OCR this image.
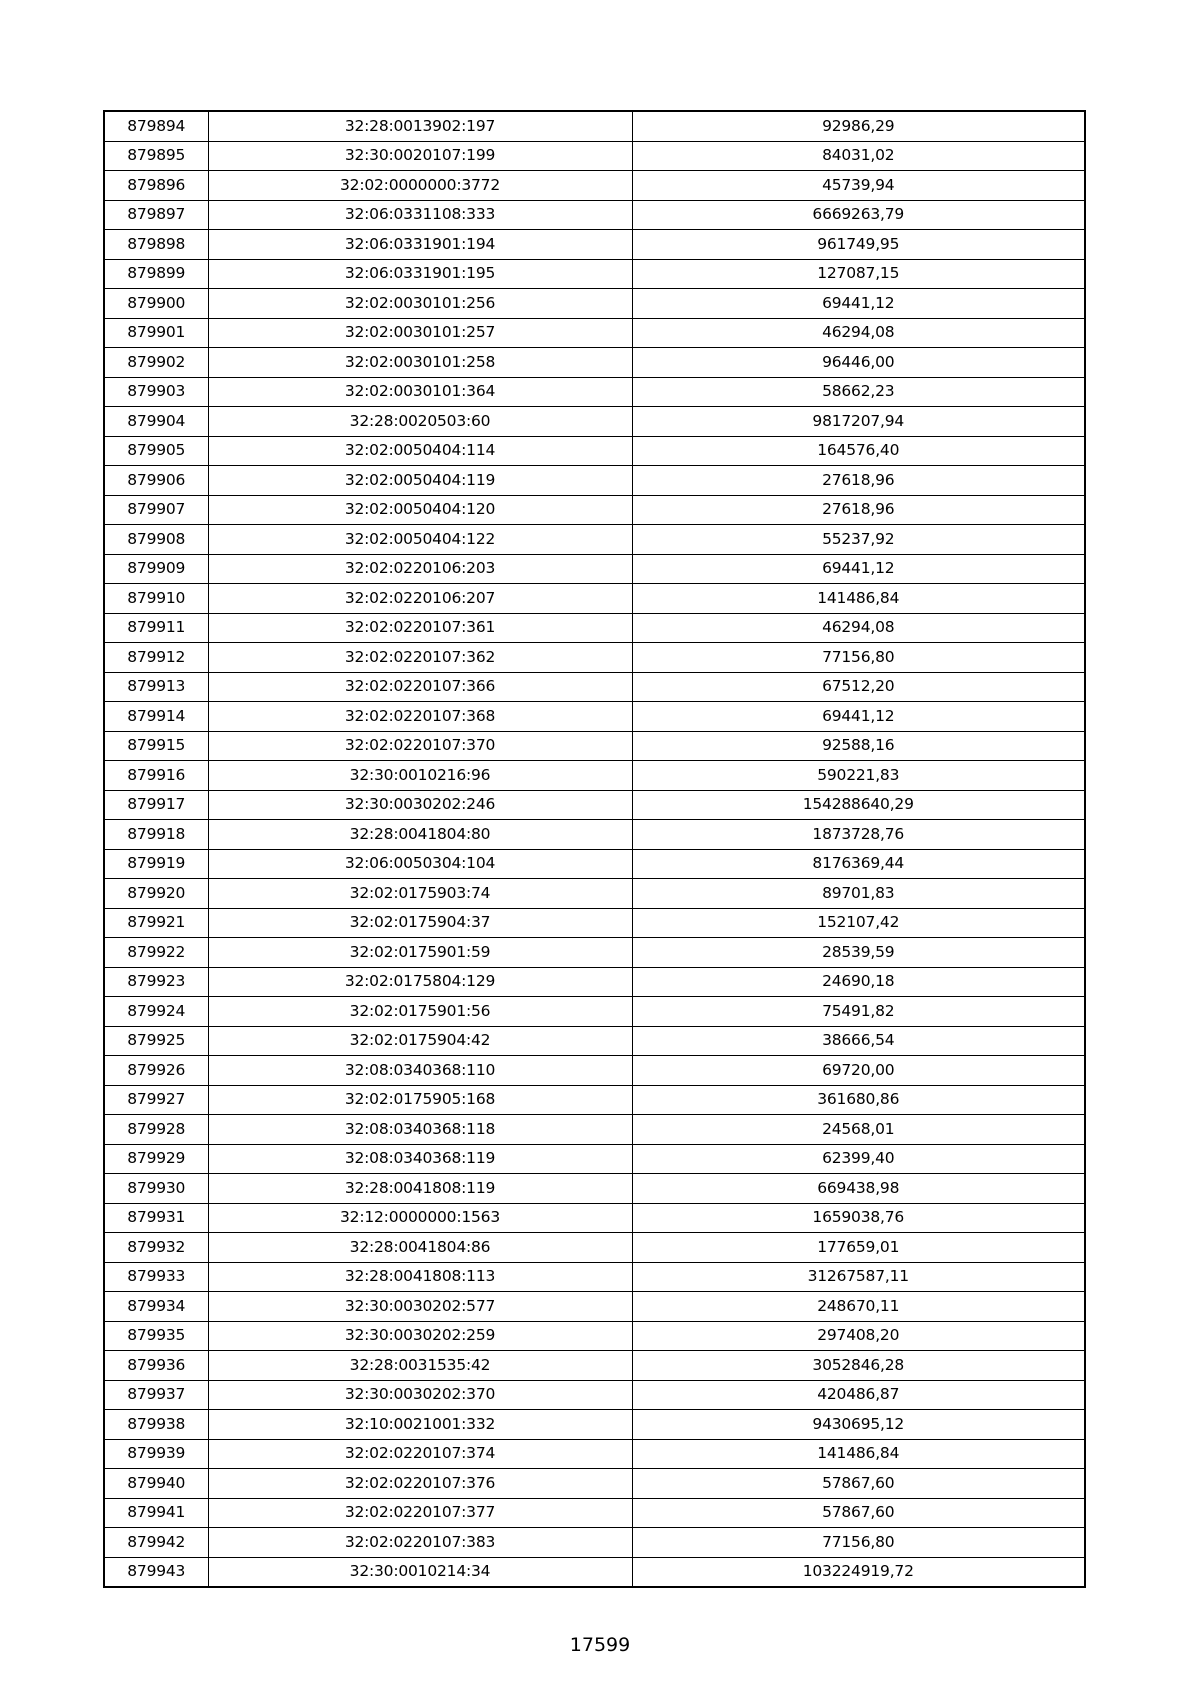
879894	32:28:0013902:197	92986,29
879895	32:30:0020107:199	84031,02
879896	32:02:0000000:3772	45739,94
879897	32:06:0331108:333	6669263,79
879898	32:06:0331901:194	961749,95
879899	32:06:0331901:195	127087,15
879900	32:02:0030101:256	69441,12
879901	32:02:0030101:257	46294,08
879902	32:02:0030101:258	96446,00
879903	32:02:0030101:364	58662,23
879904	32:28:0020503:60	9817207,94
879905	32:02:0050404:114	164576,40
879906	32:02:0050404:119	27618,96
879907	32:02:0050404:120	27618,96
879908	32:02:0050404:122	55237,92
879909	32:02:0220106:203	69441,12
879910	32:02:0220106:207	141486,84
879911	32:02:0220107:361	46294,08
879912	32:02:0220107:362	77156,80
879913	32:02:0220107:366	67512,20
879914	32:02:0220107:368	69441,12
879915	32:02:0220107:370	92588,16
879916	32:30:0010216:96	590221,83
879917	32:30:0030202:246	154288640,29
879918	32:28:0041804:80	1873728,76
879919	32:06:0050304:104	8176369,44
879920	32:02:0175903:74	89701,83
879921	32:02:0175904:37	152107,42
879922	32:02:0175901:59	28539,59
879923	32:02:0175804:129	24690,18
879924	32:02:0175901:56	75491,82
879925	32:02:0175904:42	38666,54
879926	32:08:0340368:110	69720,00
879927	32:02:0175905:168	361680,86
879928	32:08:0340368:118	24568,01
879929	32:08:0340368:119	62399,40
879930	32:28:0041808:119	669438,98
879931	32:12:0000000:1563	1659038,76
879932	32:28:0041804:86	177659,01
879933	32:28:0041808:113	31267587,11
879934	32:30:0030202:577	248670,11
879935	32:30:0030202:259	297408,20
879936	32:28:0031535:42	3052846,28
879937	32:30:0030202:370	420486,87
879938	32:10:0021001:332	9430695,12
879939	32:02:0220107:374	141486,84
879940	32:02:0220107:376	57867,60
879941	32:02:0220107:377	57867,60
879942	32:02:0220107:383	77156,80
879943	32:30:0010214:34	103224919,72
17599
